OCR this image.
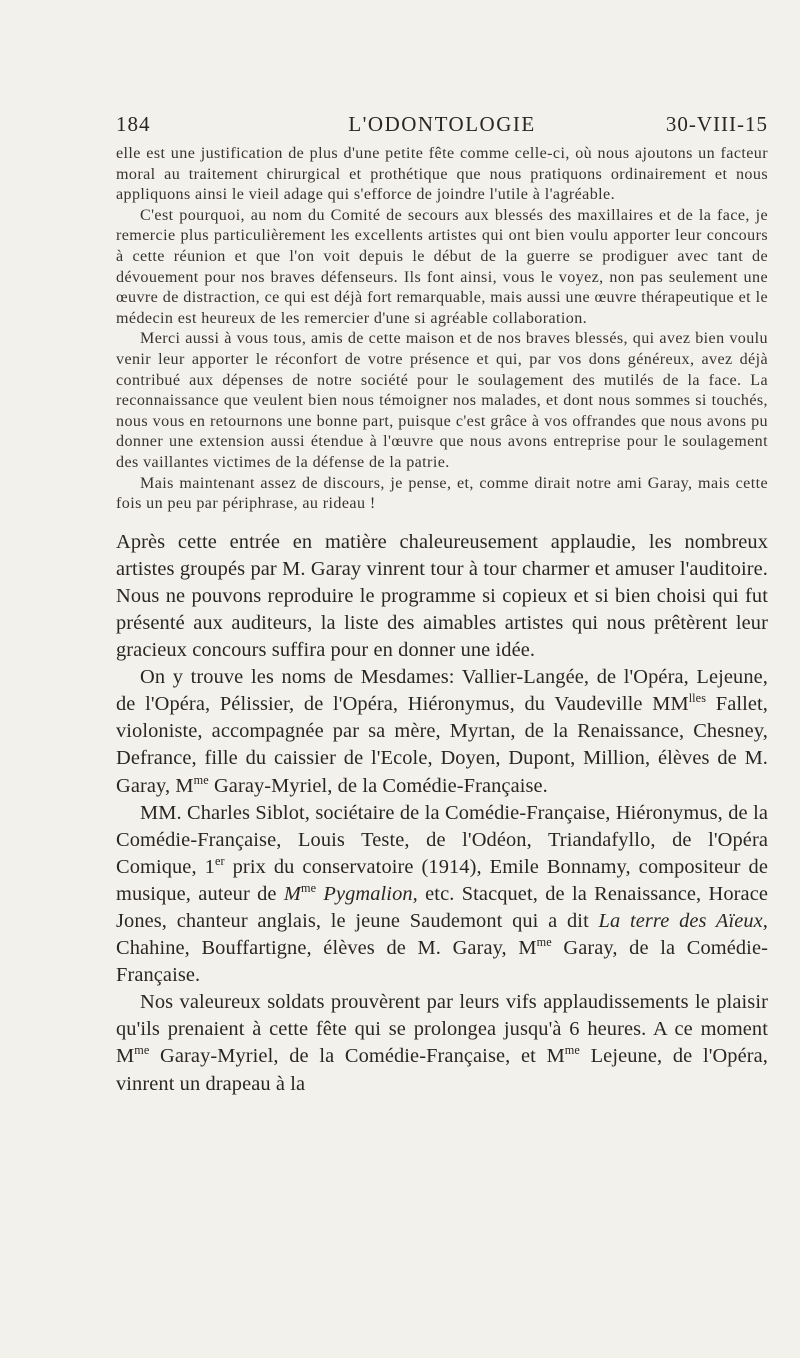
184	L'ODONTOLOGIE	30-VIII-15

elle est une justification de plus d'une petite fête comme celle-ci, où nous ajoutons un facteur moral au traitement chirurgical et prothétique que nous pratiquons ordinairement et nous appliquons ainsi le vieil adage qui s'efforce de joindre l'utile à l'agréable.

C'est pourquoi, au nom du Comité de secours aux blessés des maxillaires et de la face, je remercie plus particulièrement les excellents artistes qui ont bien voulu apporter leur concours à cette réunion et que l'on voit depuis le début de la guerre se prodiguer avec tant de dévouement pour nos braves défenseurs. Ils font ainsi, vous le voyez, non pas seulement une œuvre de distraction, ce qui est déjà fort remarquable, mais aussi une œuvre thérapeutique et le médecin est heureux de les remercier d'une si agréable collaboration.

Merci aussi à vous tous, amis de cette maison et de nos braves blessés, qui avez bien voulu venir leur apporter le réconfort de votre présence et qui, par vos dons généreux, avez déjà contribué aux dépenses de notre société pour le soulagement des mutilés de la face. La reconnaissance que veulent bien nous témoigner nos malades, et dont nous sommes si touchés, nous vous en retournons une bonne part, puisque c'est grâce à vos offrandes que nous avons pu donner une extension aussi étendue à l'œuvre que nous avons entreprise pour le soulagement des vaillantes victimes de la défense de la patrie.

Mais maintenant assez de discours, je pense, et, comme dirait notre ami Garay, mais cette fois un peu par périphrase, au rideau !

Après cette entrée en matière chaleureusement applaudie, les nombreux artistes groupés par M. Garay vinrent tour à tour charmer et amuser l'auditoire. Nous ne pouvons reproduire le programme si copieux et si bien choisi qui fut présenté aux auditeurs, la liste des aimables artistes qui nous prêtèrent leur gracieux concours suffira pour en donner une idée.

On y trouve les noms de Mesdames: Vallier-Langée, de l'Opéra, Lejeune, de l'Opéra, Pélissier, de l'Opéra, Hiéronymus, du Vaudeville $MM^{lles}$ Fallet, violoniste, accompagnée par sa mère, Myrtan, de la Renaissance, Chesney, Defrance, fille du caissier de l'Ecole, Doyen, Dupont, Million, élèves de M. Garay, $M^{me}$ Garay-Myriel, de la Comédie-Française.

MM. Charles Siblot, sociétaire de la Comédie-Française, Hiéronymus, de la Comédie-Française, Louis Teste, de l'Odéon, Triandafyllo, de l'Opéra Comique, 1er prix du conservatoire (1914), Emile Bonnamy, compositeur de musique, auteur de $M^{me}$ Pygmalion, etc. Stacquet, de la Renaissance, Horace Jones, chanteur anglais, le jeune Saudemont qui a dit La terre des Aïeux, Chahine, Bouffartigne, élèves de M. Garay, $M^{me}$ Garay, de la Comédie-Française.

Nos valeureux soldats prouvèrent par leurs vifs applaudissements le plaisir qu'ils prenaient à cette fête qui se prolongea jusqu'à 6 heures. A ce moment $M^{me}$ Garay-Myriel, de la Comédie-Française, et $M^{me}$ Lejeune, de l'Opéra, vinrent un drapeau à la
